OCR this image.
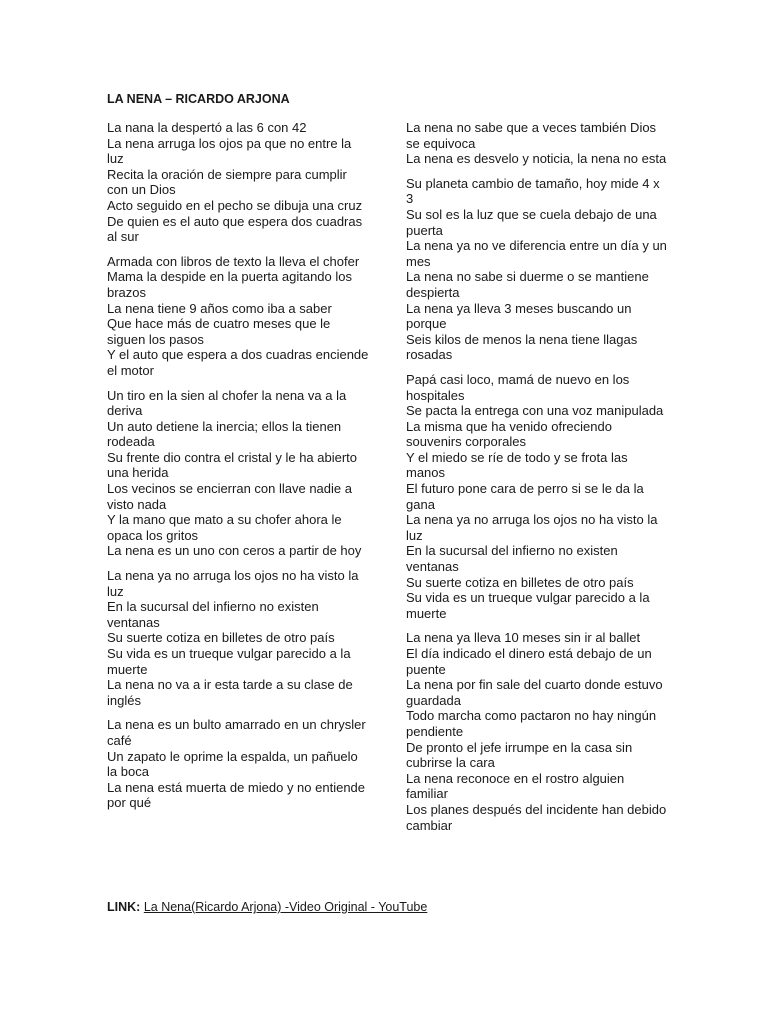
LA NENA – RICARDO ARJONA
La nana la despertó a las 6 con 42
La nena arruga los ojos pa que no entre la luz
Recita la oración de siempre para cumplir con un Dios
Acto seguido en el pecho se dibuja una cruz
De quien es el auto que espera dos cuadras al sur
Armada con libros de texto la lleva el chofer
Mama la despide en la puerta agitando los brazos
La nena tiene 9 años como iba a saber
Que hace más de cuatro meses que le siguen los pasos
Y el auto que espera a dos cuadras enciende el motor
Un tiro en la sien al chofer la nena va a la deriva
Un auto detiene la inercia; ellos la tienen rodeada
Su frente dio contra el cristal y le ha abierto una herida
Los vecinos se encierran con llave nadie a visto nada
Y la mano que mato a su chofer ahora le opaca los gritos
La nena es un uno con ceros a partir de hoy
La nena ya no arruga los ojos no ha visto la luz
En la sucursal del infierno no existen ventanas
Su suerte cotiza en billetes de otro país
Su vida es un trueque vulgar parecido a la muerte
La nena no va a ir esta tarde a su clase de inglés
La nena es un bulto amarrado en un chrysler café
Un zapato le oprime la espalda, un pañuelo la boca
La nena está muerta de miedo y no entiende por qué
La nena no sabe que a veces también Dios se equivoca
La nena es desvelo y noticia, la nena no esta
Su planeta cambio de tamaño, hoy mide 4 x 3
Su sol es la luz que se cuela debajo de una puerta
La nena ya no ve diferencia entre un día y un mes
La nena no sabe si duerme o se mantiene despierta
La nena ya lleva 3 meses buscando un porque
Seis kilos de menos la nena tiene llagas rosadas
Papá casi loco, mamá de nuevo en los hospitales
Se pacta la entrega con una voz manipulada
La misma que ha venido ofreciendo souvenirs corporales
Y el miedo se ríe de todo y se frota las manos
El futuro pone cara de perro si se le da la gana
La nena ya no arruga los ojos no ha visto la luz
En la sucursal del infierno no existen ventanas
Su suerte cotiza en billetes de otro país
Su vida es un trueque vulgar parecido a la muerte
La nena ya lleva 10 meses sin ir al ballet
El día indicado el dinero está debajo de un puente
La nena por fin sale del cuarto donde estuvo guardada
Todo marcha como pactaron no hay ningún pendiente
De pronto el jefe irrumpe en la casa sin cubrirse la cara
La nena reconoce en el rostro alguien familiar
Los planes después del incidente han debido cambiar
LINK: La Nena(Ricardo Arjona) -Video Original - YouTube
